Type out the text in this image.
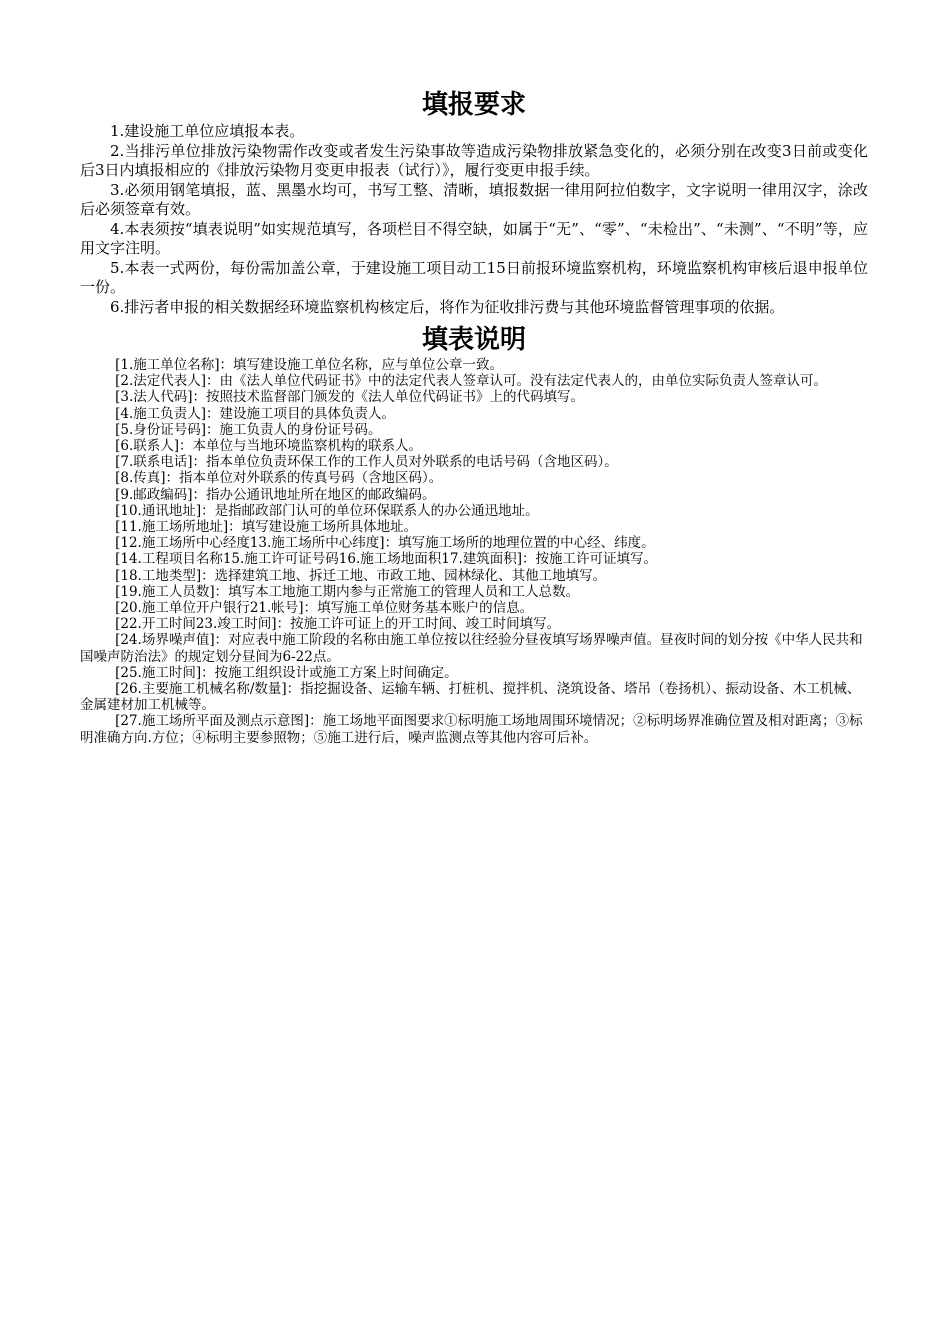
填报要求

1.建设施工单位应填报本表。

2.当排污单位排放污染物需作改变或者发生污染事故等造成污染物排放紧急变化的，必须分别在改变3日前或变化后3日内填报相应的《排放污染物月变更申报表（试行）》，履行变更申报手续。

3.必须用钢笔填报，蓝、黑墨水均可，书写工整、清晰，填报数据一律用阿拉伯数字，文字说明一律用汉字，涂改后必须签章有效。

4.本表须按“填表说明”如实规范填写，各项栏目不得空缺，如属于“无”、“零”、“未检出”、“未测”、“不明”等，应用文字注明。

5.本表一式两份，每份需加盖公章，于建设施工项目动工15日前报环境监察机构，环境监察机构审核后退申报单位一份。

6.排污者申报的相关数据经环境监察机构核定后，将作为征收排污费与其他环境监督管理事项的依据。

填表说明

[1.施工单位名称]：填写建设施工单位名称，应与单位公章一致。

[2.法定代表人]：由《法人单位代码证书》中的法定代表人签章认可。没有法定代表人的，由单位实际负责人签章认可。

[3.法人代码]：按照技术监督部门颁发的《法人单位代码证书》上的代码填写。

[4.施工负责人]：建设施工项目的具体负责人。

[5.身份证号码]：施工负责人的身份证号码。

[6.联系人]：本单位与当地环境监察机构的联系人。

[7.联系电话]：指本单位负责环保工作的工作人员对外联系的电话号码（含地区码）。

[8.传真]：指本单位对外联系的传真号码（含地区码）。

[9.邮政编码]：指办公通讯地址所在地区的邮政编码。

[10.通讯地址]：是指邮政部门认可的单位环保联系人的办公通迅地址。

[11.施工场所地址]：填写建设施工场所具体地址。

[12.施工场所中心经度13.施工场所中心纬度]：填写施工场所的地理位置的中心经、纬度。

[14.工程项目名称15.施工许可证号码16.施工场地面积17.建筑面积]：按施工许可证填写。

[18.工地类型]：选择建筑工地、拆迁工地、市政工地、园林绿化、其他工地填写。

[19.施工人员数]：填写本工地施工期内参与正常施工的管理人员和工人总数。

[20.施工单位开户银行21.帐号]：填写施工单位财务基本账户的信息。

[22.开工时间23.竣工时间]：按施工许可证上的开工时间、竣工时间填写。

[24.场界噪声值]：对应表中施工阶段的名称由施工单位按以往经验分昼夜填写场界噪声值。昼夜时间的划分按《中华人民共和国噪声防治法》的规定划分昼间为6-22点。

[25.施工时间]：按施工组织设计或施工方案上时间确定。

[26.主要施工机械名称/数量]：指挖掘设备、运输车辆、打桩机、搅拌机、浇筑设备、塔吊（卷扬机）、振动设备、木工机械、金属建材加工机械等。

[27.施工场所平面及测点示意图]：施工场地平面图要求①标明施工场地周围环境情况；②标明场界准确位置及相对距离；③标明准确方向.方位；④标明主要参照物；⑤施工进行后，噪声监测点等其他内容可后补。
